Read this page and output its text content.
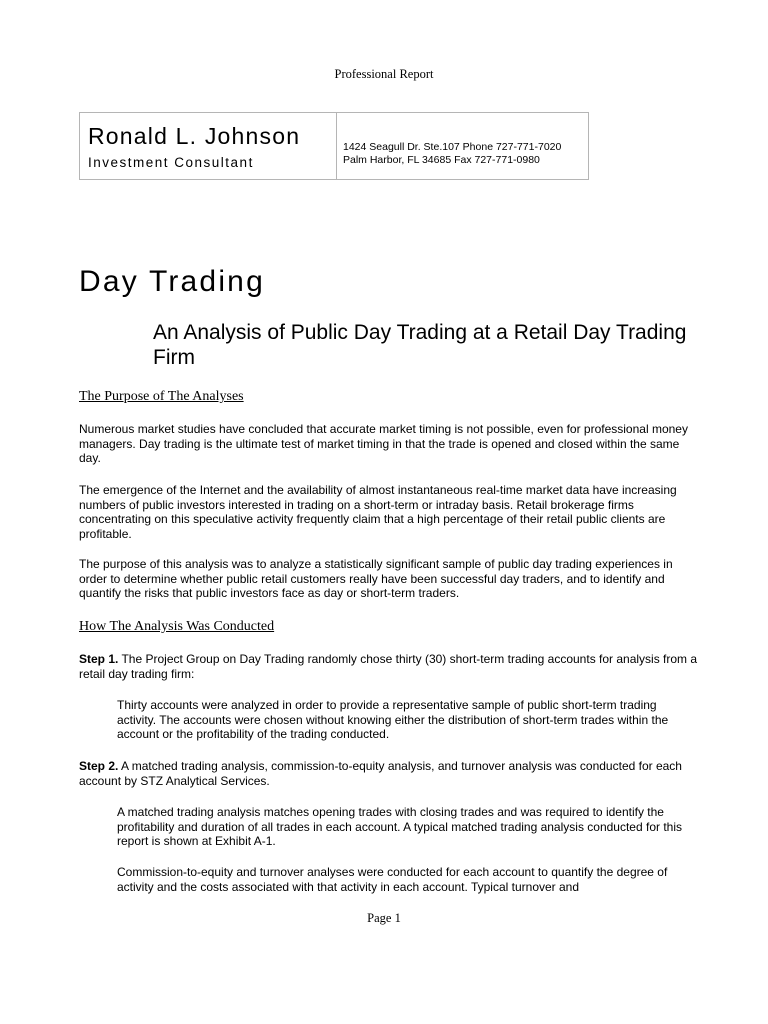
Professional Report
Ronald L. Johnson
Investment Consultant
1424 Seagull Dr. Ste.107 Phone 727-771-7020
Palm Harbor, FL 34685 Fax 727-771-0980
Day Trading
An Analysis of Public Day Trading at a Retail Day Trading Firm
The Purpose of The Analyses
Numerous market studies have concluded that accurate market timing is not possible, even for professional money managers. Day trading is the ultimate test of market timing in that the trade is opened and closed within the same day.
The emergence of the Internet and the availability of almost instantaneous real-time market data have increasing numbers of public investors interested in trading on a short-term or intraday basis. Retail brokerage firms concentrating on this speculative activity frequently claim that a high percentage of their retail public clients are profitable.
The purpose of this analysis was to analyze a statistically significant sample of public day trading experiences in order to determine whether public retail customers really have been successful day traders, and to identify and quantify the risks that public investors face as day or short-term traders.
How The Analysis Was Conducted
Step 1. The Project Group on Day Trading randomly chose thirty (30) short-term trading accounts for analysis from a retail day trading firm:
Thirty accounts were analyzed in order to provide a representative sample of public short-term trading activity. The accounts were chosen without knowing either the distribution of short-term trades within the account or the profitability of the trading conducted.
Step 2. A matched trading analysis, commission-to-equity analysis, and turnover analysis was conducted for each account by STZ Analytical Services.
A matched trading analysis matches opening trades with closing trades and was required to identify the profitability and duration of all trades in each account. A typical matched trading analysis conducted for this report is shown at Exhibit A-1.
Commission-to-equity and turnover analyses were conducted for each account to quantify the degree of activity and the costs associated with that activity in each account. Typical turnover and
Page 1
